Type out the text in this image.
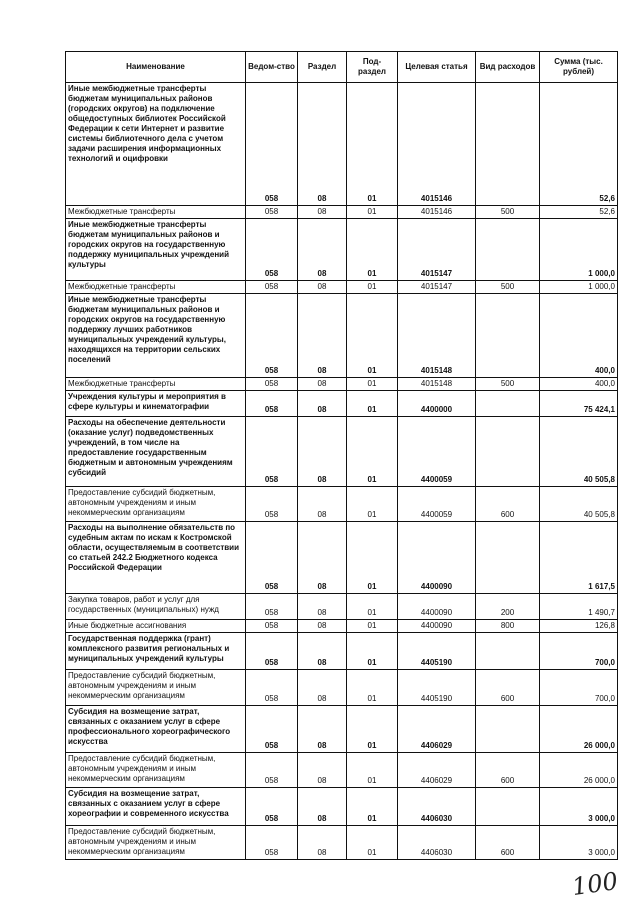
Наименование	Ведом-ство	Раздел	Под-раздел	Целевая статья	Вид расходов	Сумма (тыс. рублей)
Иные межбюджетные трансферты бюджетам муниципальных районов (городских округов) на подключение общедоступных библиотек Российской Федерации к сети Интернет и развитие системы библиотечного дела с учетом задачи расширения информационных технологий и оцифровки	058	08	01	4015146		52,6
Межбюджетные трансферты	058	08	01	4015146	500	52,6
Иные межбюджетные трансферты бюджетам муниципальных районов и городских округов на государственную поддержку муниципальных учреждений культуры	058	08	01	4015147		1 000,0
Межбюджетные трансферты	058	08	01	4015147	500	1 000,0
Иные межбюджетные трансферты бюджетам муниципальных районов и городских округов на государственную поддержку лучших работников муниципальных учреждений культуры, находящихся на территории сельских поселений	058	08	01	4015148		400,0
Межбюджетные трансферты	058	08	01	4015148	500	400,0
Учреждения культуры и мероприятия в сфере культуры и кинематографии	058	08	01	4400000		75 424,1
Расходы на обеспечение деятельности (оказание услуг) подведомственных учреждений, в том числе на предоставление государственным бюджетным и автономным учреждениям субсидий	058	08	01	4400059		40 505,8
Предоставление субсидий бюджетным, автономным учреждениям и иным некоммерческим организациям	058	08	01	4400059	600	40 505,8
Расходы на выполнение обязательств по судебным актам по искам к Костромской области, осуществляемым в соответствии со статьей 242.2 Бюджетного кодекса Российской Федерации	058	08	01	4400090		1 617,5
Закупка товаров, работ и услуг для государственных (муниципальных) нужд	058	08	01	4400090	200	1 490,7
Иные бюджетные ассигнования	058	08	01	4400090	800	126,8
Государственная поддержка (грант) комплексного развития региональных и муниципальных учреждений культуры	058	08	01	4405190		700,0
Предоставление субсидий бюджетным, автономным учреждениям и иным некоммерческим организациям	058	08	01	4405190	600	700,0
Субсидия на возмещение затрат, связанных с оказанием услуг в сфере профессионального хореографического искусства	058	08	01	4406029		26 000,0
Предоставление субсидий бюджетным, автономным учреждениям и иным некоммерческим организациям	058	08	01	4406029	600	26 000,0
Субсидия на возмещение затрат, связанных с оказанием услуг в сфере хореографии и современного искусства	058	08	01	4406030		3 000,0
Предоставление субсидий бюджетным, автономным учреждениям и иным некоммерческим организациям	058	08	01	4406030	600	3 000,0
100
